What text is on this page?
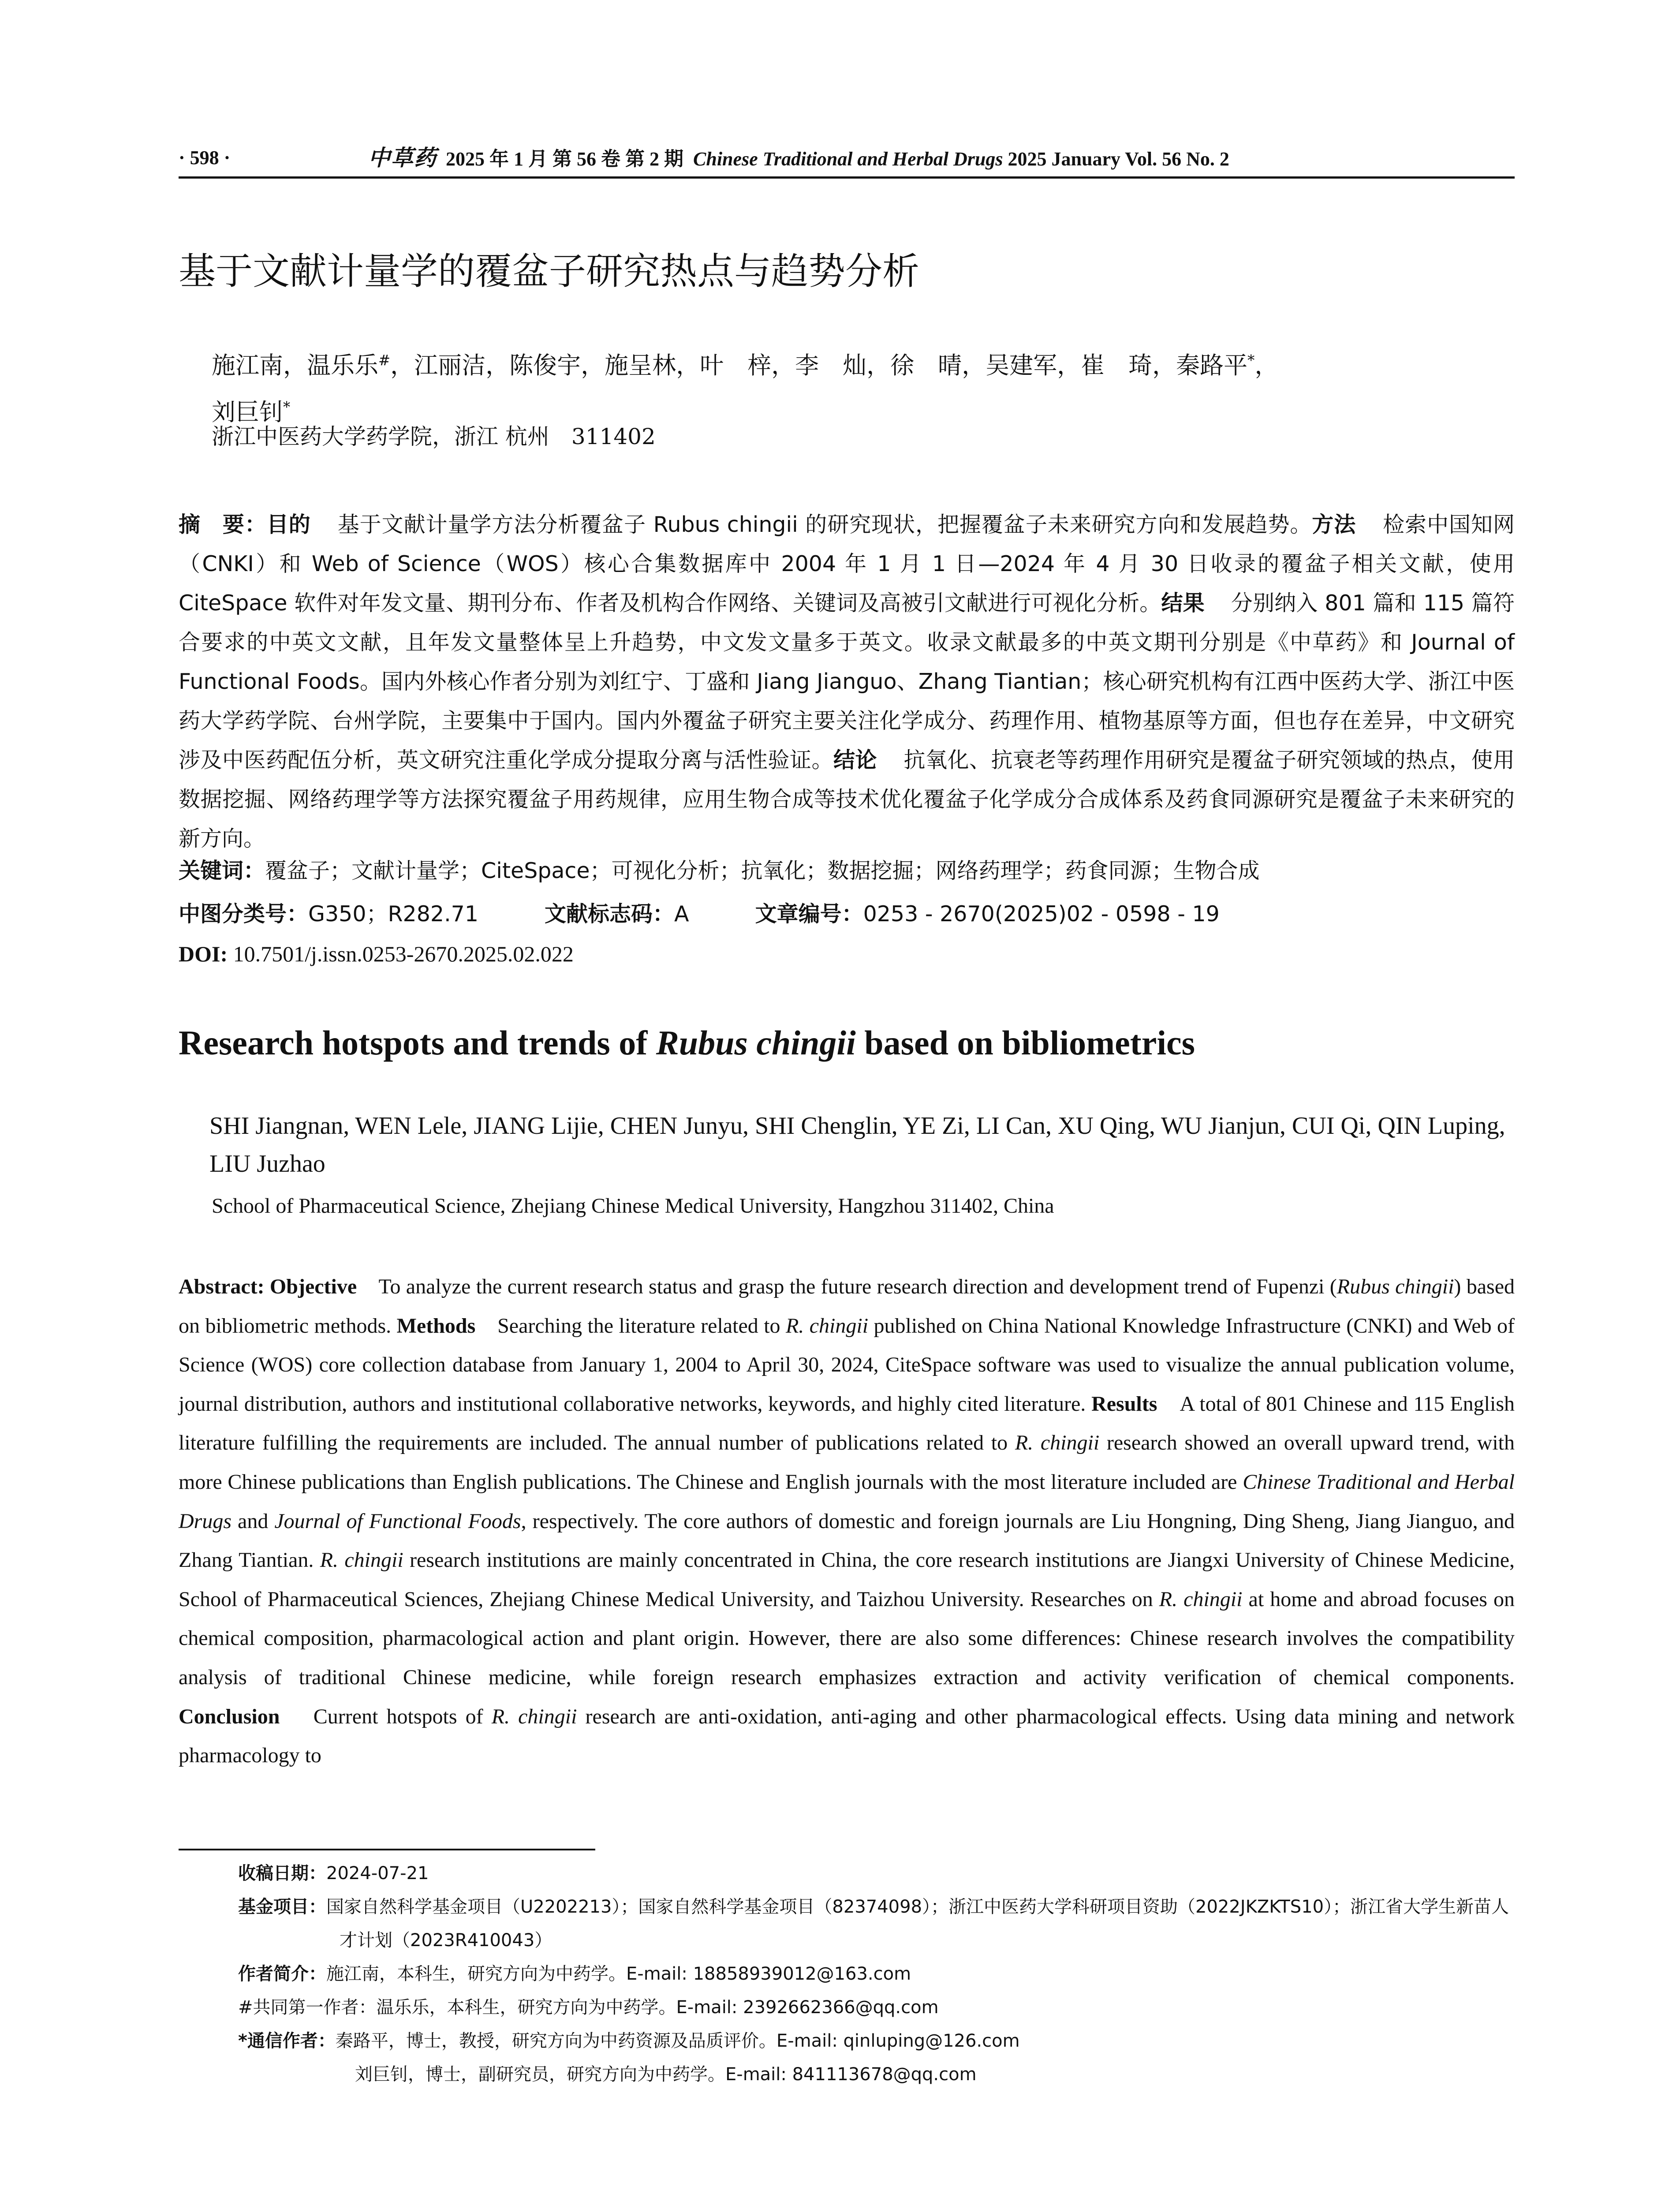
· 598 ·	中草药 2025 年 1 月 第 56 卷 第 2 期 Chinese Traditional and Herbal Drugs 2025 January Vol. 56 No. 2
基于文献计量学的覆盆子研究热点与趋势分析
施江南，温乐乐#，江丽洁，陈俊宇，施呈林，叶　梓，李　灿，徐　晴，吴建军，崔　琦，秦路平*，
刘巨钊*
浙江中医药大学药学院，浙江 杭州　311402
摘　要：目的 基于文献计量学方法分析覆盆子 Rubus chingii 的研究现状，把握覆盆子未来研究方向和发展趋势。方法 检索中国知网（CNKI）和 Web of Science（WOS）核心合集数据库中 2004 年 1 月 1 日—2024 年 4 月 30 日收录的覆盆子相关文献，使用 CiteSpace 软件对年发文量、期刊分布、作者及机构合作网络、关键词及高被引文献进行可视化分析。结果 分别纳入 801 篇和 115 篇符合要求的中英文文献，且年发文量整体呈上升趋势，中文发文量多于英文。收录文献最多的中英文期刊分别是《中草药》和 Journal of Functional Foods。国内外核心作者分别为刘红宁、丁盛和 Jiang Jianguo、Zhang Tiantian；核心研究机构有江西中医药大学、浙江中医药大学药学院、台州学院，主要集中于国内。国内外覆盆子研究主要关注化学成分、药理作用、植物基原等方面，但也存在差异，中文研究涉及中医药配伍分析，英文研究注重化学成分提取分离与活性验证。结论 抗氧化、抗衰老等药理作用研究是覆盆子研究领域的热点，使用数据挖掘、网络药理学等方法探究覆盆子用药规律，应用生物合成等技术优化覆盆子化学成分合成体系及药食同源研究是覆盆子未来研究的新方向。
关键词：覆盆子；文献计量学；CiteSpace；可视化分析；抗氧化；数据挖掘；网络药理学；药食同源；生物合成
中图分类号：G350；R282.71	文献标志码：A	文章编号：0253 - 2670(2025)02 - 0598 - 19
DOI: 10.7501/j.issn.0253-2670.2025.02.022
Research hotspots and trends of Rubus chingii based on bibliometrics
SHI Jiangnan, WEN Lele, JIANG Lijie, CHEN Junyu, SHI Chenglin, YE Zi, LI Can, XU Qing, WU Jianjun, CUI Qi, QIN Luping, LIU Juzhao
School of Pharmaceutical Science, Zhejiang Chinese Medical University, Hangzhou 311402, China
Abstract: Objective To analyze the current research status and grasp the future research direction and development trend of Fupenzi (Rubus chingii) based on bibliometric methods. Methods Searching the literature related to R. chingii published on China National Knowledge Infrastructure (CNKI) and Web of Science (WOS) core collection database from January 1, 2004 to April 30, 2024, CiteSpace software was used to visualize the annual publication volume, journal distribution, authors and institutional collaborative networks, keywords, and highly cited literature. Results A total of 801 Chinese and 115 English literature fulfilling the requirements are included. The annual number of publications related to R. chingii research showed an overall upward trend, with more Chinese publications than English publications. The Chinese and English journals with the most literature included are Chinese Traditional and Herbal Drugs and Journal of Functional Foods, respectively. The core authors of domestic and foreign journals are Liu Hongning, Ding Sheng, Jiang Jianguo, and Zhang Tiantian. R. chingii research institutions are mainly concentrated in China, the core research institutions are Jiangxi University of Chinese Medicine, School of Pharmaceutical Sciences, Zhejiang Chinese Medical University, and Taizhou University. Researches on R. chingii at home and abroad focuses on chemical composition, pharmacological action and plant origin. However, there are also some differences: Chinese research involves the compatibility analysis of traditional Chinese medicine, while foreign research emphasizes extraction and activity verification of chemical components. Conclusion Current hotspots of R. chingii research are anti-oxidation, anti-aging and other pharmacological effects. Using data mining and network pharmacology to
收稿日期：2024-07-21
基金项目：国家自然科学基金项目（U2202213）；国家自然科学基金项目（82374098）；浙江中医药大学科研项目资助（2022JKZKTS10）；浙江省大学生新苗人才计划（2023R410043）
作者简介：施江南，本科生，研究方向为中药学。E-mail: 18858939012@163.com
#共同第一作者：温乐乐，本科生，研究方向为中药学。E-mail: 2392662366@qq.com
*通信作者：秦路平，博士，教授，研究方向为中药资源及品质评价。E-mail: qinluping@126.com
刘巨钊，博士，副研究员，研究方向为中药学。E-mail: 841113678@qq.com
